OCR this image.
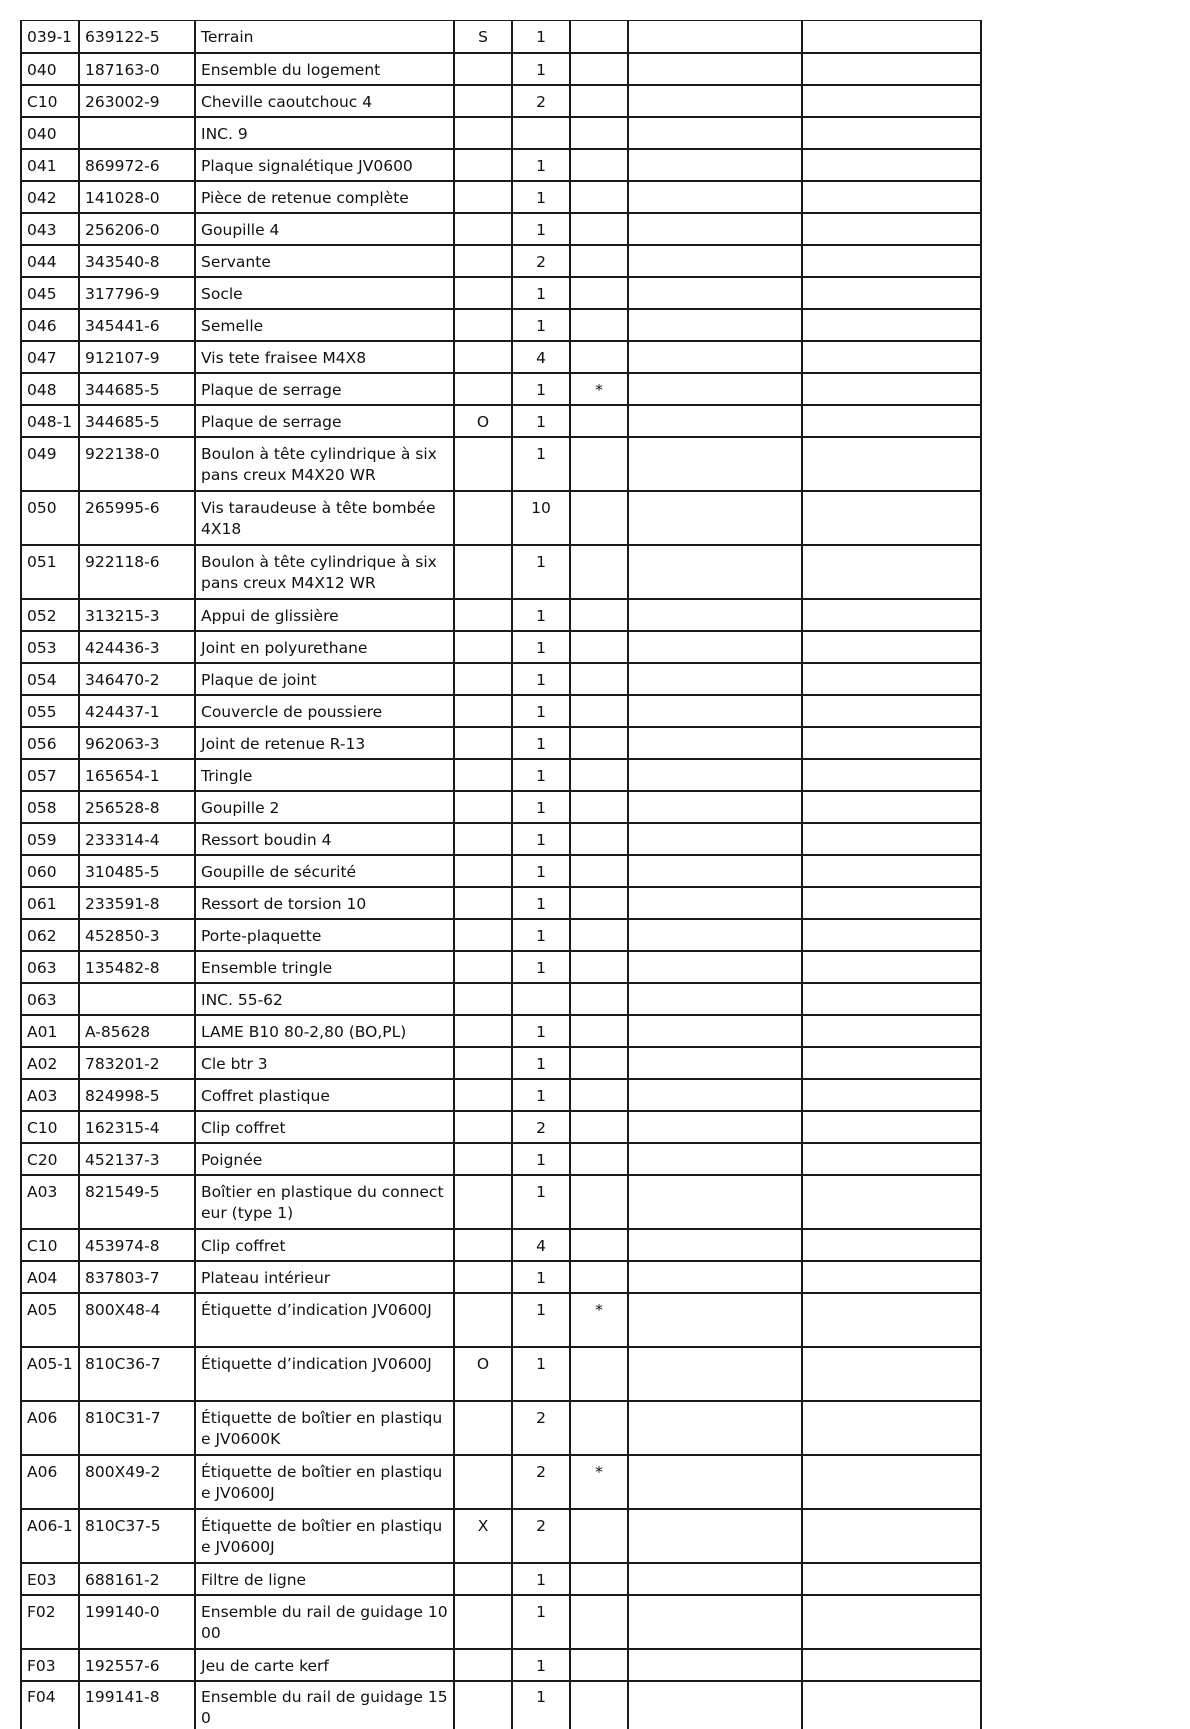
039-1	639122-5	Terrain	S	1			
040	187163-0	Ensemble du logement		1			
C10	263002-9	Cheville caoutchouc 4		2			
040		INC. 9					
041	869972-6	Plaque signalétique JV0600		1			
042	141028-0	Pièce de retenue complète		1			
043	256206-0	Goupille 4		1			
044	343540-8	Servante		2			
045	317796-9	Socle		1			
046	345441-6	Semelle		1			
047	912107-9	Vis tete fraisee M4X8		4			
048	344685-5	Plaque de serrage		1	*		
048-1	344685-5	Plaque de serrage	O	1			
049	922138-0	Boulon à tête cylindrique à six pans creux M4X20 WR		1			
050	265995-6	Vis taraudeuse à tête bombée 4X18		10			
051	922118-6	Boulon à tête cylindrique à six pans creux M4X12 WR		1			
052	313215-3	Appui de glissière		1			
053	424436-3	Joint en polyurethane		1			
054	346470-2	Plaque de joint		1			
055	424437-1	Couvercle de poussiere		1			
056	962063-3	Joint de retenue R-13		1			
057	165654-1	Tringle		1			
058	256528-8	Goupille 2		1			
059	233314-4	Ressort boudin 4		1			
060	310485-5	Goupille de sécurité		1			
061	233591-8	Ressort de torsion 10		1			
062	452850-3	Porte-plaquette		1			
063	135482-8	Ensemble tringle		1			
063		INC. 55-62					
A01	A-85628	LAME B10 80-2,80 (BO,PL)		1			
A02	783201-2	Cle btr 3		1			
A03	824998-5	Coffret plastique		1			
C10	162315-4	Clip coffret		2			
C20	452137-3	Poignée		1			
A03	821549-5	Boîtier en plastique du connecteur (type 1)		1			
C10	453974-8	Clip coffret		4			
A04	837803-7	Plateau intérieur		1			
A05	800X48-4	Étiquette d’indication JV0600J		1	*		
A05-1	810C36-7	Étiquette d’indication JV0600J	O	1			
A06	810C31-7	Étiquette de boîtier en plastique JV0600K		2			
A06	800X49-2	Étiquette de boîtier en plastique JV0600J		2	*		
A06-1	810C37-5	Étiquette de boîtier en plastique JV0600J	X	2			
E03	688161-2	Filtre de ligne		1			
F02	199140-0	Ensemble du rail de guidage 1000		1			
F03	192557-6	Jeu de carte kerf		1			
F04	199141-8	Ensemble du rail de guidage 150		1			
